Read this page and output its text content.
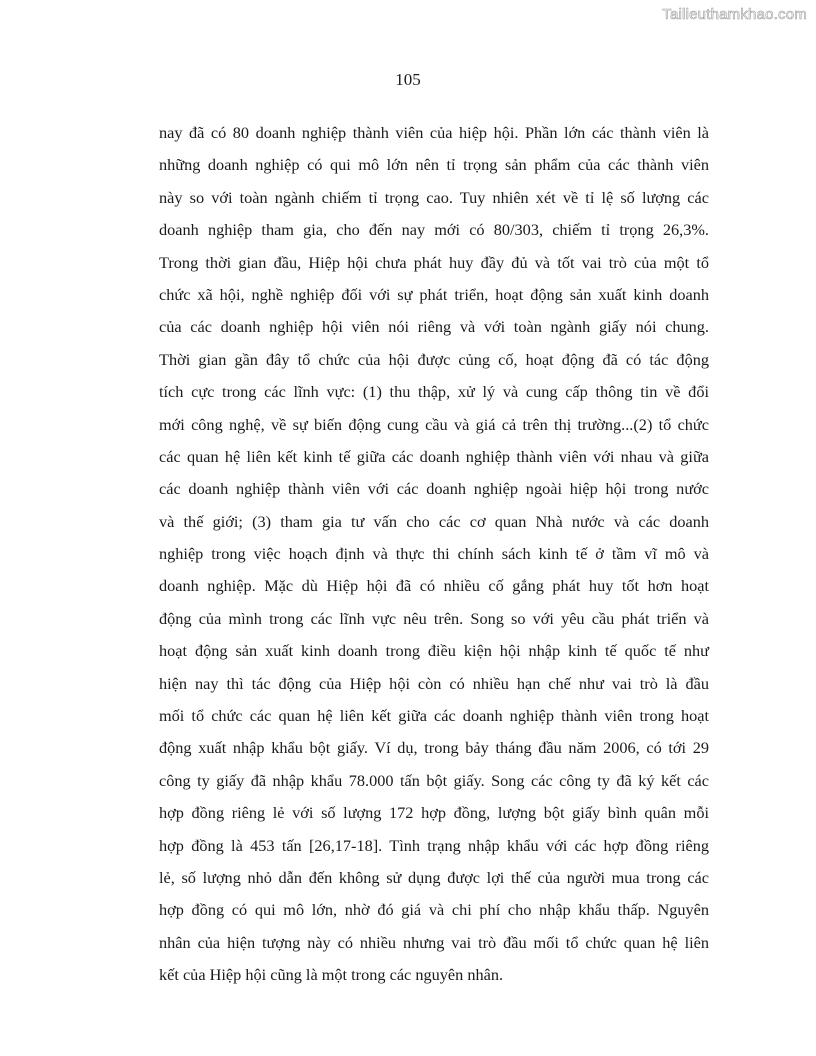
Tailieuthamkhao.com
105
nay đã có 80 doanh nghiệp thành viên của hiệp hội. Phần lớn các thành viên là
những doanh nghiệp có qui mô lớn nên tỉ trọng sản phẩm của các thành viên
này so với toàn ngành chiếm tỉ trọng cao. Tuy nhiên xét về tỉ lệ số lượng các
doanh nghiệp tham gia, cho đến nay mới có 80/303, chiếm tỉ trọng 26,3%.
Trong thời gian đầu, Hiệp hội chưa phát huy đầy đủ và tốt vai trò của một tổ
chức xã hội, nghề nghiệp đối với sự phát triển, hoạt động sản xuất kinh doanh
của các doanh nghiệp hội viên nói riêng và với toàn ngành giấy nói chung.
Thời gian gần đây tổ chức của hội được củng cố, hoạt động đã có tác động
tích cực trong các lĩnh vực: (1) thu thập, xử lý và cung cấp thông tin về đổi
mới công nghệ, về sự biến động cung cầu và giá cả trên thị trường...(2) tổ chức
các quan hệ liên kết kinh tế giữa các doanh nghiệp thành viên với nhau và giữa
các doanh nghiệp thành viên với các doanh nghiệp ngoài hiệp hội trong nước
và thế giới; (3) tham gia tư vấn cho các cơ quan Nhà nước và các doanh
nghiệp trong việc hoạch định và thực thi chính sách kinh tế ở tầm vĩ mô và
doanh nghiệp. Mặc dù Hiệp hội đã có nhiều cố gắng phát huy tốt hơn hoạt
động của mình trong các lĩnh vực nêu trên. Song so với yêu cầu phát triển và
hoạt động sản xuất kinh doanh trong điều kiện hội nhập kinh tế quốc tế như
hiện nay thì tác động của Hiệp hội còn có nhiều hạn chế như vai trò là đầu
mối tổ chức các quan hệ liên kết giữa các doanh nghiệp thành viên trong hoạt
động xuất nhập khẩu bột giấy. Ví dụ, trong bảy tháng đầu năm 2006, có tới 29
công ty giấy đã nhập khẩu 78.000 tấn bột giấy. Song các công ty đã ký kết các
hợp đồng riêng lẻ với số lượng 172 hợp đồng, lượng bột giấy bình quân mỗi
hợp đồng là 453 tấn [26,17-18]. Tình trạng nhập khẩu với các hợp đồng riêng
lẻ, số lượng nhỏ dẫn đến không sử dụng được lợi thế của người mua trong các
hợp đồng có qui mô lớn, nhờ đó giá và chi phí cho nhập khẩu thấp. Nguyên
nhân của hiện tượng này có nhiều nhưng vai trò đầu mối tổ chức quan hệ liên
kết của Hiệp hội cũng là một trong các nguyên nhân.
